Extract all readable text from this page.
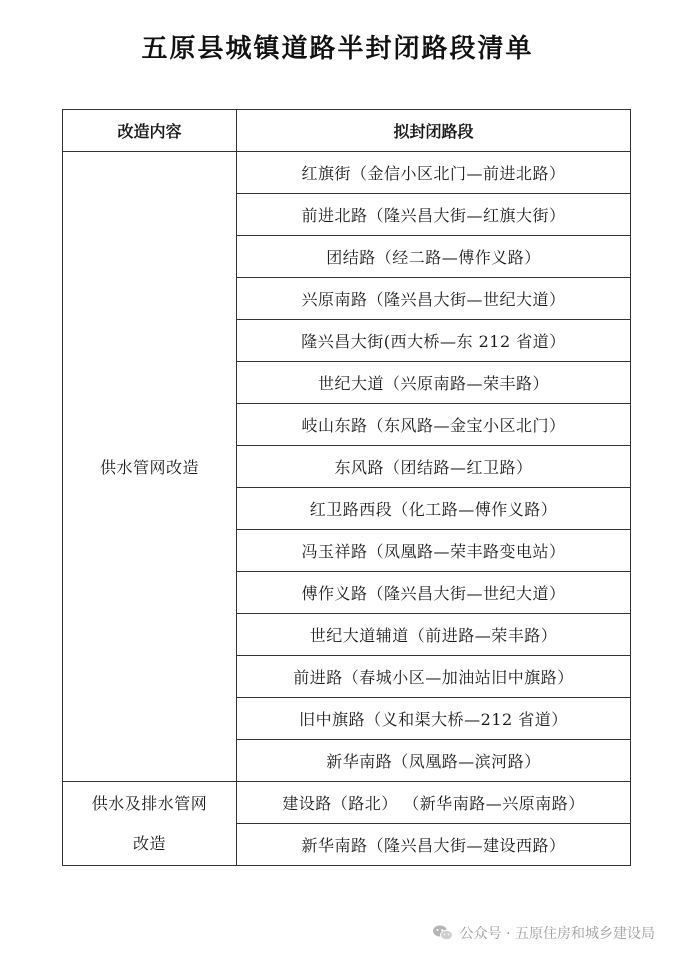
五原县城镇道路半封闭路段清单
改造内容	拟封闭路段
供水管网改造	红旗街（金信小区北门—前进北路）
	前进北路（隆兴昌大街—红旗大街）
	团结路（经二路—傅作义路）
	兴原南路（隆兴昌大街—世纪大道）
	隆兴昌大街(西大桥—东 212 省道）
	世纪大道（兴原南路—荣丰路）
	岐山东路（东风路—金宝小区北门）
	东风路（团结路—红卫路）
	红卫路西段（化工路—傅作义路）
	冯玉祥路（凤凰路—荣丰路变电站）
	傅作义路（隆兴昌大街—世纪大道）
	世纪大道辅道（前进路—荣丰路）
	前进路（春城小区—加油站旧中旗路）
	旧中旗路（义和渠大桥—212 省道）
	新华南路（凤凰路—滨河路）

供水及排水管网
改造	建设路（路北） （新华南路—兴原南路）
	新华南路（隆兴昌大街—建设西路）
公众号 · 五原住房和城乡建设局
